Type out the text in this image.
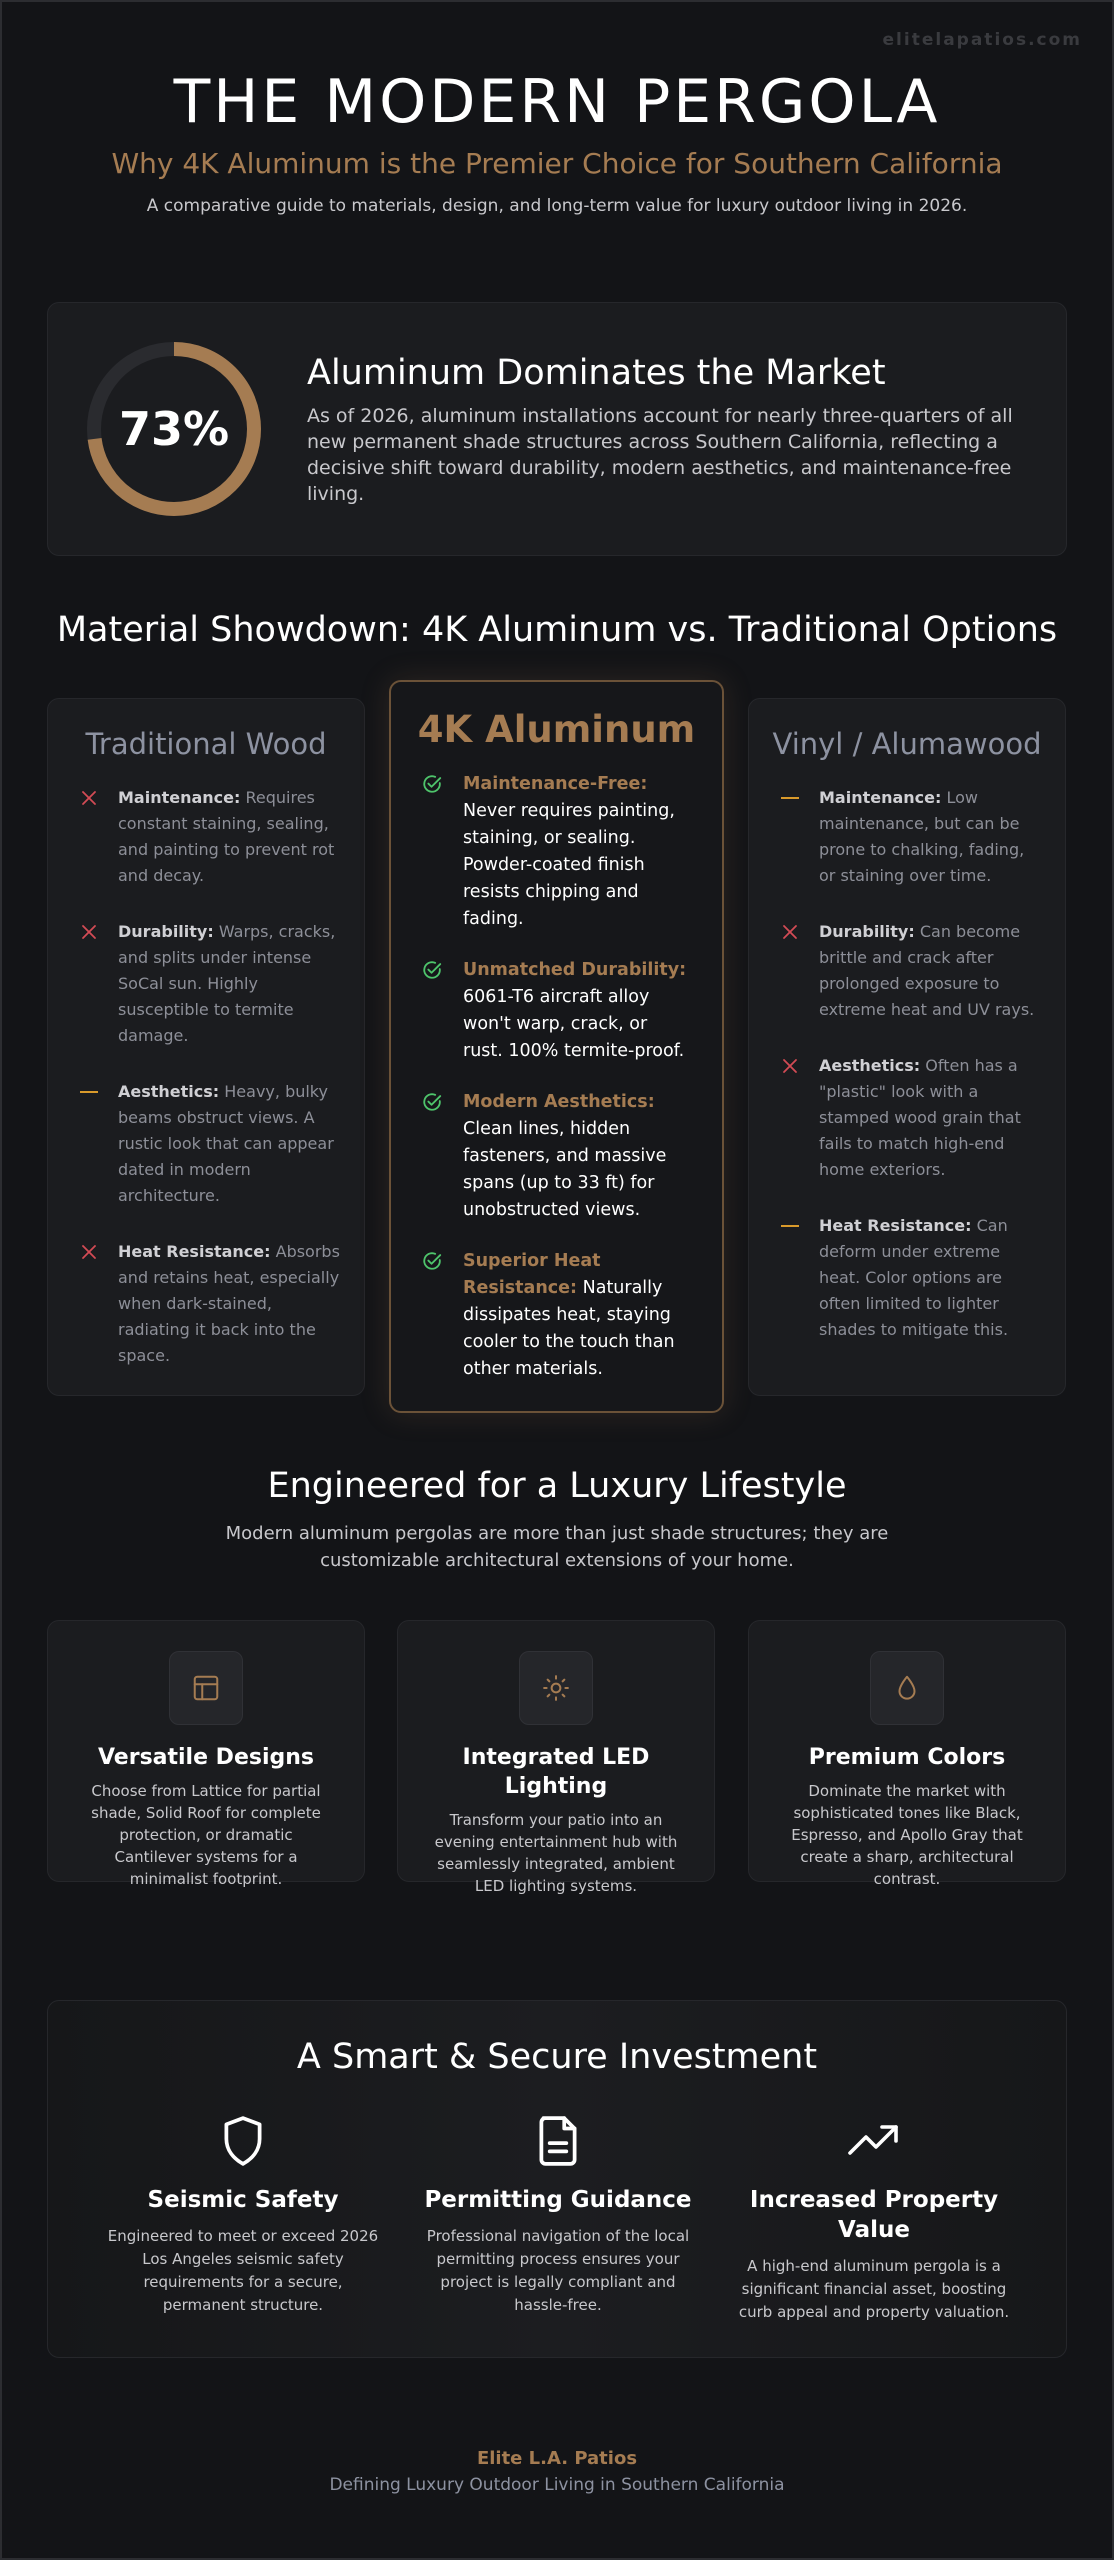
elitelapatios.com
THE MODERN PERGOLA
Why 4K Aluminum is the Premier Choice for Southern California

A comparative guide to materials, design, and long-term value for luxury outdoor living in 2026.

73%
Aluminum Dominates the Market

As of 2026, aluminum installations account for nearly three-quarters of all new permanent shade structures across Southern California, reflecting a decisive shift toward durability, modern aesthetics, and maintenance-free living.

Material Showdown: 4K Aluminum vs. Traditional Options
Traditional Wood
Maintenance: Requires constant staining, sealing, and painting to prevent rot and decay.
Durability: Warps, cracks, and splits under intense SoCal sun. Highly susceptible to termite damage.
Aesthetics: Heavy, bulky beams obstruct views. A rustic look that can appear dated in modern architecture.
Heat Resistance: Absorbs and retains heat, especially when dark-stained, radiating it back into the space.
4K Aluminum
Maintenance-Free: Never requires painting, staining, or sealing. Powder-coated finish resists chipping and fading.
Unmatched Durability: 6061-T6 aircraft alloy won't warp, crack, or rust. 100% termite-proof.
Modern Aesthetics: Clean lines, hidden fasteners, and massive spans (up to 33 ft) for unobstructed views.
Superior Heat Resistance: Naturally dissipates heat, staying cooler to the touch than other materials.
Vinyl / Alumawood
Maintenance: Low maintenance, but can be prone to chalking, fading, or staining over time.
Durability: Can become brittle and crack after prolonged exposure to extreme heat and UV rays.
Aesthetics: Often has a "plastic" look with a stamped wood grain that fails to match high-end home exteriors.
Heat Resistance: Can deform under extreme heat. Color options are often limited to lighter shades to mitigate this.
Engineered for a Luxury Lifestyle

Modern aluminum pergolas are more than just shade structures; they are customizable architectural extensions of your home.

Versatile Designs

Choose from Lattice for partial shade, Solid Roof for complete protection, or dramatic Cantilever systems for a minimalist footprint.

Integrated LED Lighting

Transform your patio into an evening entertainment hub with seamlessly integrated, ambient LED lighting systems.

Premium Colors

Dominate the market with sophisticated tones like Black, Espresso, and Apollo Gray that create a sharp, architectural contrast.

A Smart & Secure Investment
Seismic Safety

Engineered to meet or exceed 2026 Los Angeles seismic safety requirements for a secure, permanent structure.

Permitting Guidance

Professional navigation of the local permitting process ensures your project is legally compliant and hassle-free.

Increased Property Value

A high-end aluminum pergola is a significant financial asset, boosting curb appeal and property valuation.

Elite L.A. Patios
Defining Luxury Outdoor Living in Southern California
